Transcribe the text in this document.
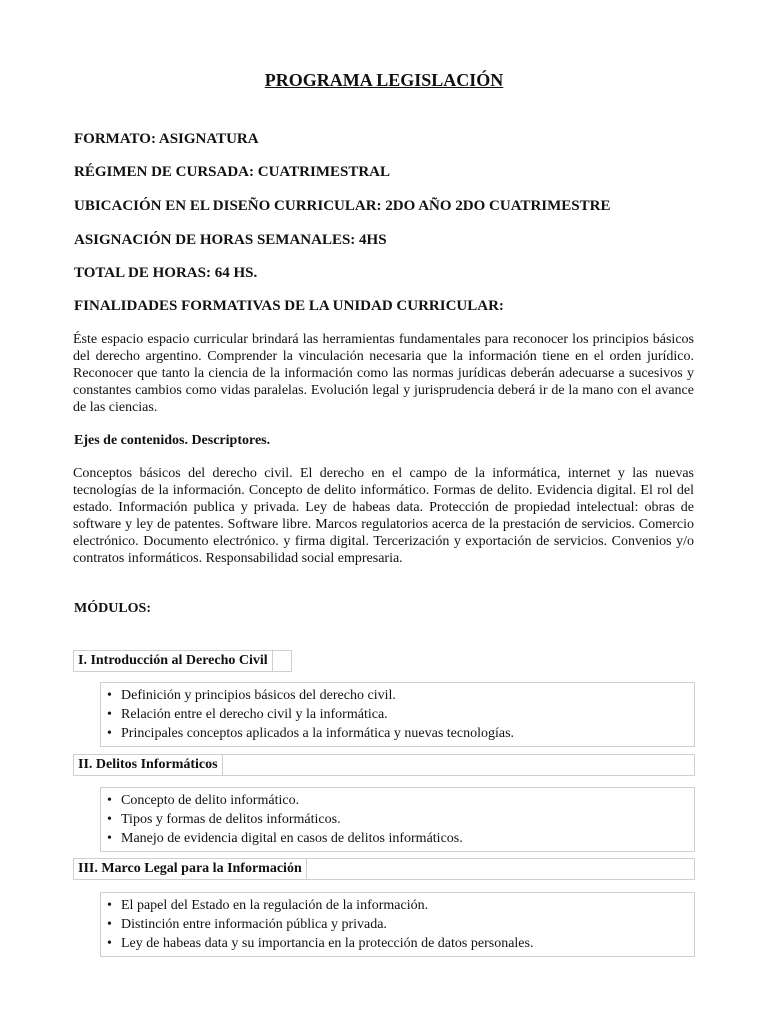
PROGRAMA LEGISLACIÓN
FORMATO: ASIGNATURA
RÉGIMEN DE CURSADA: CUATRIMESTRAL
UBICACIÓN EN EL DISEÑO CURRICULAR: 2DO AÑO 2DO CUATRIMESTRE
ASIGNACIÓN DE HORAS SEMANALES: 4HS
TOTAL DE HORAS: 64 HS.
FINALIDADES FORMATIVAS DE LA UNIDAD CURRICULAR:

Éste espacio espacio curricular brindará las herramientas fundamentales para reconocer los principios básicos del derecho argentino. Comprender la vinculación necesaria que la información tiene en el orden jurídico. Reconocer que tanto la ciencia de la información como las normas jurídicas deberán adecuarse a sucesivos y constantes cambios como vidas paralelas. Evolución legal y jurisprudencia deberá ir de la mano con el avance de las ciencias.

Ejes de contenidos. Descriptores.

Conceptos básicos del derecho civil. El derecho en el campo de la informática, internet y las nuevas tecnologías de la información. Concepto de delito informático. Formas de delito. Evidencia digital. El rol del estado. Información publica y privada. Ley de habeas data. Protección de propiedad intelectual: obras de software y ley de patentes. Software libre. Marcos regulatorios acerca de la prestación de servicios. Comercio electrónico. Documento electrónico. y firma digital. Tercerización y exportación de servicios. Convenios y/o contratos informáticos. Responsabilidad social empresaria.

MÓDULOS:
I. Introducción al Derecho Civil
• Definición y principios básicos del derecho civil.
• Relación entre el derecho civil y la informática.
• Principales conceptos aplicados a la informática y nuevas tecnologías.
II. Delitos Informáticos
• Concepto de delito informático.
• Tipos y formas de delitos informáticos.
• Manejo de evidencia digital en casos de delitos informáticos.
III. Marco Legal para la Información
• El papel del Estado en la regulación de la información.
• Distinción entre información pública y privada.
• Ley de habeas data y su importancia en la protección de datos personales.
